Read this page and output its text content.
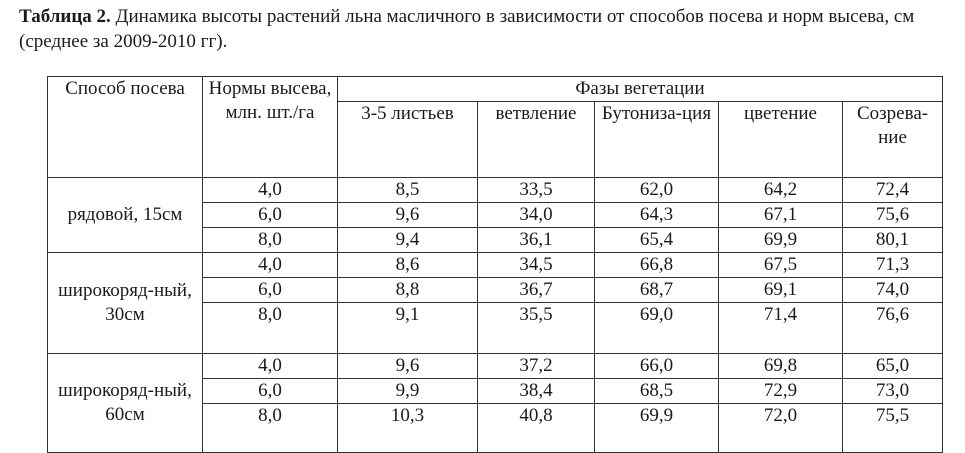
Таблица 2. Динамика высоты растений льна масличного в зависимости от способов посева и норм высева, см (среднее за 2009-2010 гг).
Способ посева	Нормы высева, млн. шт./га	Фазы вегетации				
		3-5 листьев	ветвление	Бутониза-ция	цветение	Созрева-ние
рядовой, 15см	4,0	8,5	33,5	62,0	64,2	72,4
	6,0	9,6	34,0	64,3	67,1	75,6
	8,0	9,4	36,1	65,4	69,9	80,1
широкоряд-ный, 30см	4,0	8,6	34,5	66,8	67,5	71,3
	6,0	8,8	36,7	68,7	69,1	74,0
	8,0	9,1	35,5	69,0	71,4	76,6
широкоряд-ный, 60см	4,0	9,6	37,2	66,0	69,8	65,0
	6,0	9,9	38,4	68,5	72,9	73,0
	8,0	10,3	40,8	69,9	72,0	75,5
